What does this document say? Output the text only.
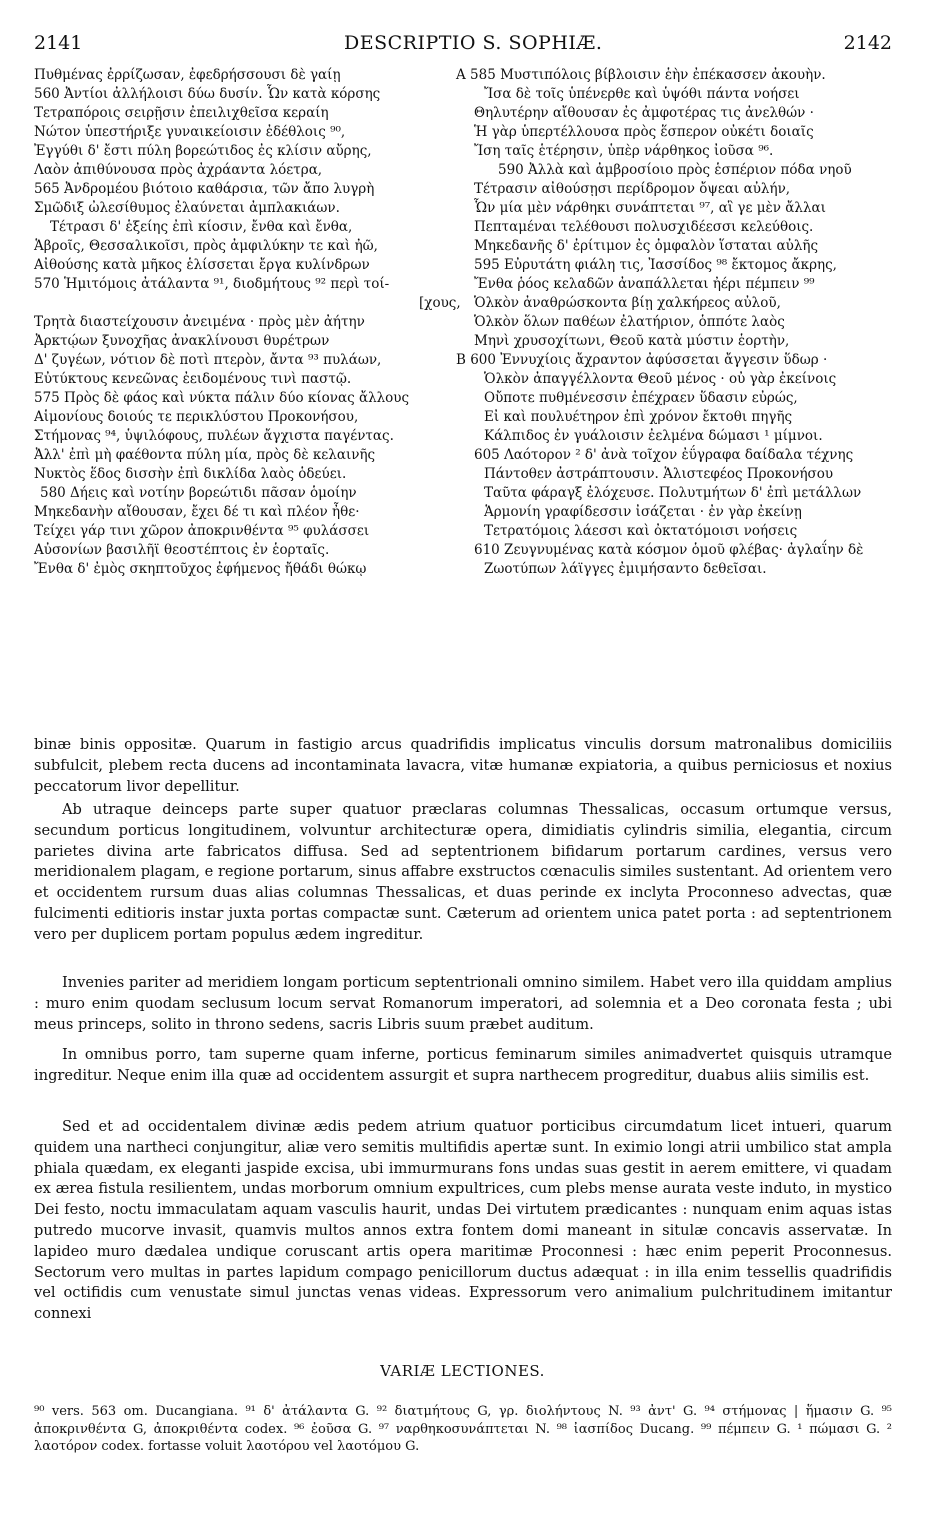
2141	DESCRIPTIO S. SOPHIÆ.	2142
Πυθμένας ἐρρίζωσαν, ἐφεδρήσσουσι δὲ γαίῃ
560 Ἀντίοι ἀλλήλοισι δύω δυσίν. Ὧν κατὰ κόρσης
Τετραπόροις σειρῇσιν ἐπειλιχθεῖσα κεραίη
Νώτον ὑπεστήριξε γυναικείοισιν ἐδέθλοις ⁹⁰,
Ἐγγύθι δ' ἔστι πύλη βορεώτιδος ἐς κλίσιν αὔρης,
Λαὸν ἀπιθύνουσα πρὸς ἀχράαντα λόετρα,
565 Ἀνδρομέου βιότοιο καθάρσια, τῶν ἄπο λυγρὴ
Σμῶδιξ ὠλεσίθυμος ἐλαύνεται ἀμπλακιάων.
Τέτρασι δ' ἑξείης ἐπὶ κίοσιν, ἔνθα καὶ ἔνθα,
Ἁβροῖς, Θεσσαλικοῖσι, πρὸς ἀμφιλύκην τε καὶ ἠῶ,
Αἰθούσης κατὰ μῆκος ἑλίσσεται ἔργα κυλίνδρων
570 Ἡμιτόμοις ἀτάλαντα ⁹¹, διοδμήτους ⁹² περὶ τοί-
[χους,
Τρητὰ διαστείχουσιν ἀνειμένα · πρὸς μὲν ἀήτην
Ἀρκτῴων ξυνοχῆας ἀνακλίνουσι θυρέτρων
Δ' ζυγέων, νότιον δὲ ποτὶ πτερὸν, ἄντα ⁹³ πυλάων,
Εὐτύκτους κενεῶνας ἐειδομένους τινὶ παστῷ.
575 Πρὸς δὲ φάος καὶ νύκτα πάλιν δύο κίονας ἄλλους
Αἱμονίους δοιούς τε περικλύστου Προκονήσου,
Στήμονας ⁹⁴, ὑψιλόφους, πυλέων ἄγχιστα παγέντας.
Ἀλλ' ἐπὶ μὴ φαέθοντα πύλη μία, πρὸς δὲ κελαινῆς
Νυκτὸς ἕδος δισσὴν ἐπὶ δικλίδα λαὸς ὁδεύει.
580 Δήεις καὶ νοτίην βορεώτιδι πᾶσαν ὁμοίην
Μηκεδανὴν αἴθουσαν, ἔχει δέ τι καὶ πλέον ἦθε·
Τείχει γάρ τινι χῶρον ἀποκρινθέντα ⁹⁵ φυλάσσει
Αὐσονίων βασιλῆϊ θεοστέπτοις ἐν ἑορταῖς.
Ἔνθα δ' ἐμὸς σκηπτοῦχος ἐφήμενος ἤθάδι θώκῳ
A 585 Μυστιπόλοις βίβλοισιν ἑὴν ἐπέκασσεν ἀκουὴν.
Ἴσα δὲ τοῖς ὑπένερθε καὶ ὑψόθι πάντα νοήσει
Θηλυτέρην αἴθουσαν ἐς ἀμφοτέρας τις ἀνελθών ·
Ἡ γὰρ ὑπερτέλλουσα πρὸς ἕσπερον οὐκέτι δοιαῖς
Ἴση ταῖς ἑτέρησιν, ὑπὲρ νάρθηκος ἰοῦσα ⁹⁶.
590 Ἀλλὰ καὶ ἀμβροσίοιο πρὸς ἑσπέριον πόδα νηοῦ
Τέτρασιν αἰθούσῃσι περίδρομον ὄψεαι αὐλήν,
Ὧν μία μὲν νάρθηκι συνάπτεται ⁹⁷, αἳ γε μὲν ἄλλαι
Πεπταμέναι τελέθουσι πολυσχιδέεσσι κελεύθοις.
Μηκεδανῆς δ' ἐρίτιμον ἐς ὀμφαλὸν ἵσταται αὐλῆς
595 Εὐρυτάτη φιάλη τις, Ἰασσίδος ⁹⁸ ἔκτομος ἄκρης,
Ἔνθα ῥόος κελαδῶν ἀναπάλλεται ἠέρι πέμπειν ⁹⁹
Ὁλκὸν ἀναθρώσκοντα βίῃ χαλκήρεος αὐλοῦ,
Ὁλκὸν ὅλων παθέων ἐλατήριον, ὁππότε λαὸς
Μηνὶ χρυσοχίτωνι, Θεοῦ κατὰ μύστιν ἑορτὴν,
B 600 Ἐννυχίοις ἄχραντον ἀφύσσεται ἄγγεσιν ὕδωρ ·
Ὁλκὸν ἀπαγγέλλοντα Θεοῦ μένος · οὐ γὰρ ἐκείνοις
Οὔποτε πυθμένεσσιν ἐπέχραεν ὕδασιν εὐρώς,
Εἰ καὶ πουλυέτηρον ἐπὶ χρόνον ἔκτοθι πηγῆς
Κάλπιδος ἐν γυάλοισιν ἐελμένα δώμασι ¹ μίμνοι.
605 Λαότορον ² δ' ἀνὰ τοῖχον ἐΰγραφα δαίδαλα τέχνης
Πάντοθεν ἀστράπτουσιν. Ἁλιστεφέος Προκονήσου
Ταῦτα φάραγξ ἐλόχευσε. Πολυτμήτων δ' ἐπὶ μετάλλων
Ἁρμονίη γραφίδεσσιν ἰσάζεται · ἐν γὰρ ἐκείνῃ
Τετρατόμοις λάεσσι καὶ ὀκτατόμοισι νοήσεις
610 Ζευγνυμένας κατὰ κόσμον ὁμοῦ φλέβας· ἀγλαΐην δὲ
Ζωοτύπων λάϊγγες ἐμιμήσαντο δεθεῖσαι.

binæ binis oppositæ. Quarum in fastigio arcus quadrifidis implicatus vinculis dorsum matronalibus domiciliis subfulcit, plebem recta ducens ad incontaminata lavacra, vitæ humanæ expiatoria, a quibus perniciosus et noxius peccatorum livor depellitur.

Ab utraque deinceps parte super quatuor præclaras columnas Thessalicas, occasum ortumque versus, secundum porticus longitudinem, volvuntur architecturæ opera, dimidiatis cylindris similia, elegantia, circum parietes divina arte fabricatos diffusa. Sed ad septentrionem bifidarum portarum cardines, versus vero meridionalem plagam, e regione portarum, sinus affabre exstructos cœnaculis similes sustentant. Ad orientem vero et occidentem rursum duas alias columnas Thessalicas, et duas perinde ex inclyta Proconneso advectas, quæ fulcimenti editioris instar juxta portas compactæ sunt. Cæterum ad orientem unica patet porta : ad septentrionem vero per duplicem portam populus ædem ingreditur.

Invenies pariter ad meridiem longam porticum septentrionali omnino similem. Habet vero illa quiddam amplius : muro enim quodam seclusum locum servat Romanorum imperatori, ad solemnia et a Deo coronata festa ; ubi meus princeps, solito in throno sedens, sacris Libris suum præbet auditum.

In omnibus porro, tam superne quam inferne, porticus feminarum similes animadvertet quisquis utramque ingreditur. Neque enim illa quæ ad occidentem assurgit et supra narthecem progreditur, duabus aliis similis est.

Sed et ad occidentalem divinæ ædis pedem atrium quatuor porticibus circumdatum licet intueri, quarum quidem una nartheci conjungitur, aliæ vero semitis multifidis apertæ sunt. In eximio longi atrii umbilico stat ampla phiala quædam, ex eleganti jaspide excisa, ubi immurmurans fons undas suas gestit in aerem emittere, vi quadam ex ærea fistula resilientem, undas morborum omnium expultrices, cum plebs mense aurata veste induto, in mystico Dei festo, noctu immaculatam aquam vasculis haurit, undas Dei virtutem prædicantes : nunquam enim aquas istas putredo mucorve invasit, quamvis multos annos extra fontem domi maneant in situlæ concavis asservatæ. In lapideo muro dædalea undique coruscant artis opera maritimæ Proconnesi : hæc enim peperit Proconnesus. Sectorum vero multas in partes lapidum compago penicillorum ductus adæquat : in illa enim tessellis quadrifidis vel octifidis cum venustate simul junctas venas videas. Expressorum vero animalium pulchritudinem imitantur connexi

VARIÆ LECTIONES.

⁹⁰ vers. 563 om. Ducangiana. ⁹¹ δ' ἀτάλαντα G. ⁹² διατμήτους G, γρ. διολήντους N. ⁹³ ἀντ' G. ⁹⁴ στήμονας | ἥμασιν G. ⁹⁵ ἀποκρινθέντα G, ἀποκριθέντα codex. ⁹⁶ ἐοῦσα G. ⁹⁷ ναρθηκοσυνάπτεται N. ⁹⁸ ἰασπίδος Ducang. ⁹⁹ πέμπειν G. ¹ πώμασι G. ² λαοτόρον codex. fortasse voluit λαοτόρου vel λαοτόμου G.
